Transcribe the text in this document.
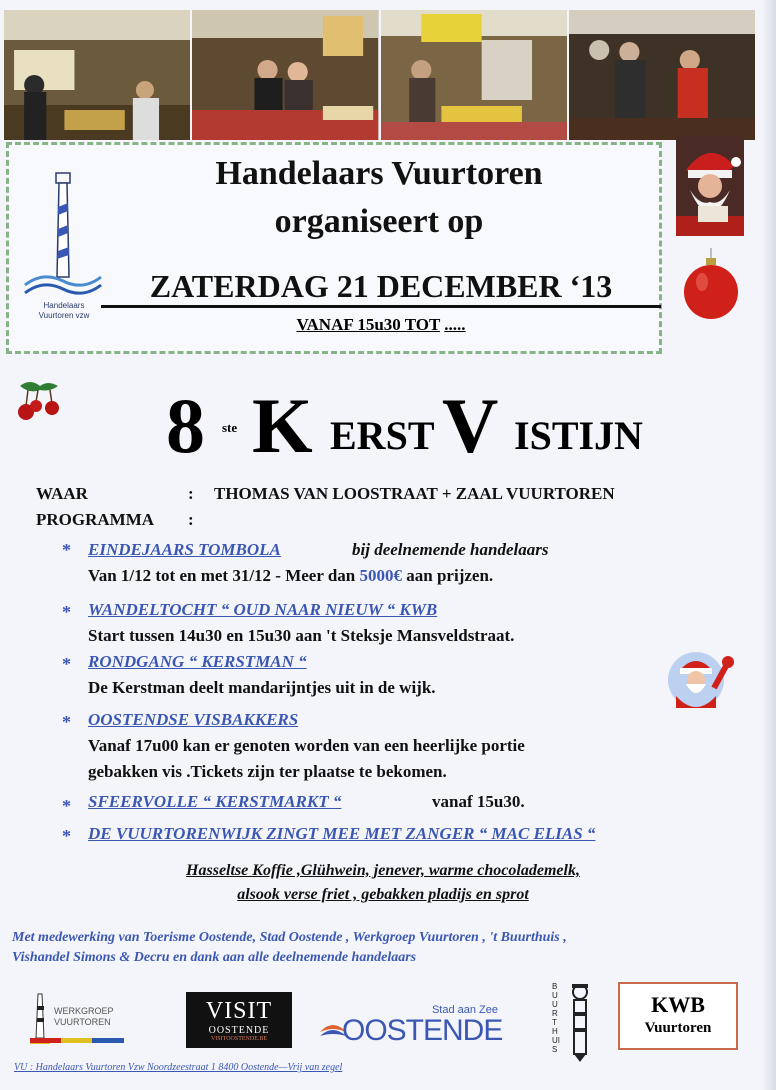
Handelaars
Vuurtoren vzw
Handelaars Vuurtoren
organiseert op
ZATERDAG 21 DECEMBER ‘13
VANAF 15u30 TOT .....
8 ste K ERST V ISTIJN
WAAR	: THOMAS VAN LOOSTRAAT + ZAAL VUURTOREN
PROGRAMMA :
* EINDEJAARS TOMBOLA	bij deelnemende handelaars
Van 1/12 tot en met 31/12 - Meer dan 5000€ aan prijzen.
* WANDELTOCHT “ OUD NAAR NIEUW “ KWB
Start tussen 14u30 en 15u30 aan 't Steksje Mansveldstraat.
* RONDGANG “ KERSTMAN “
De Kerstman deelt mandarijntjes uit in de wijk.
* OOSTENDSE VISBAKKERS
Vanaf 17u00 kan er genoten worden van een heerlijke portie
gebakken vis .Tickets zijn ter plaatse te bekomen.
* SFEERVOLLE “ KERSTMARKT “	vanaf 15u30.
* DE VUURTORENWIJK ZINGT MEE MET ZANGER “ MAC ELIAS “
Hasseltse Koffie ,Glühwein, jenever, warme chocolademelk,
alsook verse friet , gebakken pladijs en sprot
Met medewerking van Toerisme Oostende, Stad Oostende , Werkgroep Vuurtoren , 't Buurthuis ,
Vishandel Simons & Decru en dank aan alle deelnemende handelaars
WERKGROEP
VUURTOREN	VISIT
OOSTENDE
VISITOOSTENDE.BE
Stad aan Zee
OOSTENDE
BUURTHUIS
KWB
Vuurtoren
VU : Handelaars Vuurtoren Vzw Noordzeestraat 1 8400 Oostende—Vrij van zegel
